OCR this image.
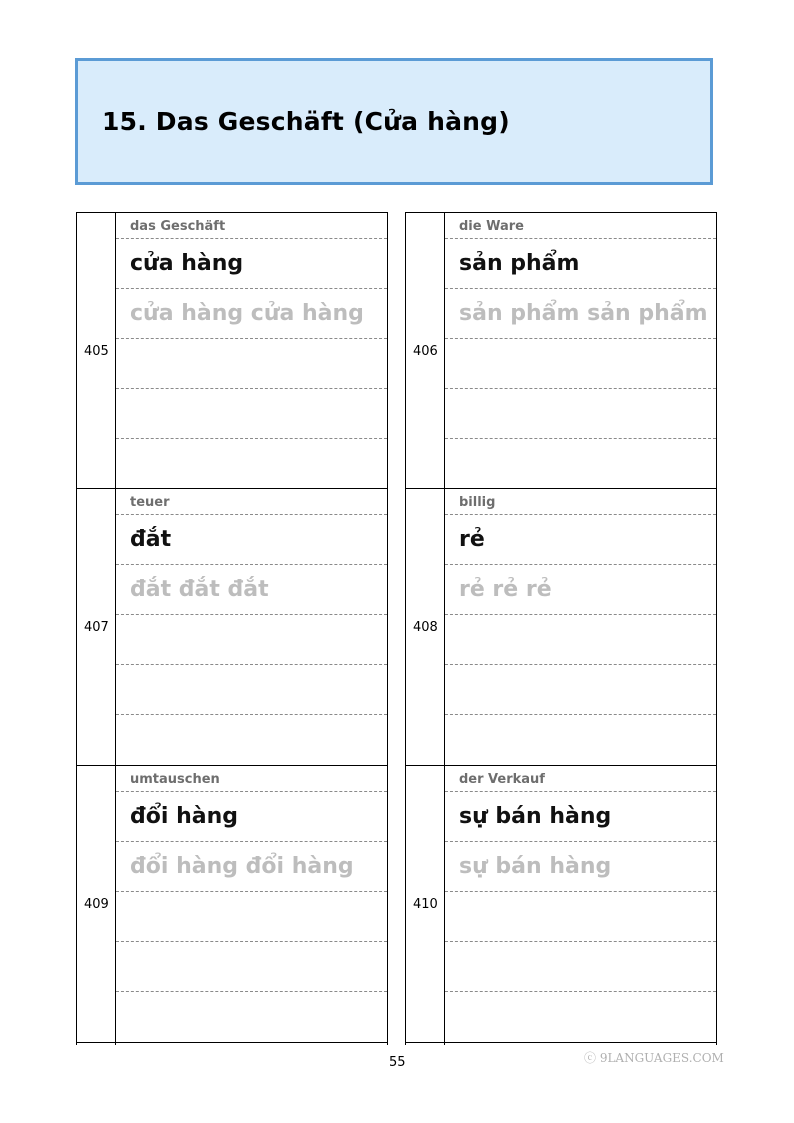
15. Das Geschäft (Cửa hàng)
405
das Geschäft
cửa hàng
cửa hàng cửa hàng
406
die Ware
sản phẩm
sản phẩm sản phẩm
407
teuer
đắt
đắt đắt đắt
408
billig
rẻ
rẻ rẻ rẻ
409
umtauschen
đổi hàng
đổi hàng đổi hàng
410
der Verkauf
sự bán hàng
sự bán hàng
55	ⓒ 9LANGUAGES.COM
